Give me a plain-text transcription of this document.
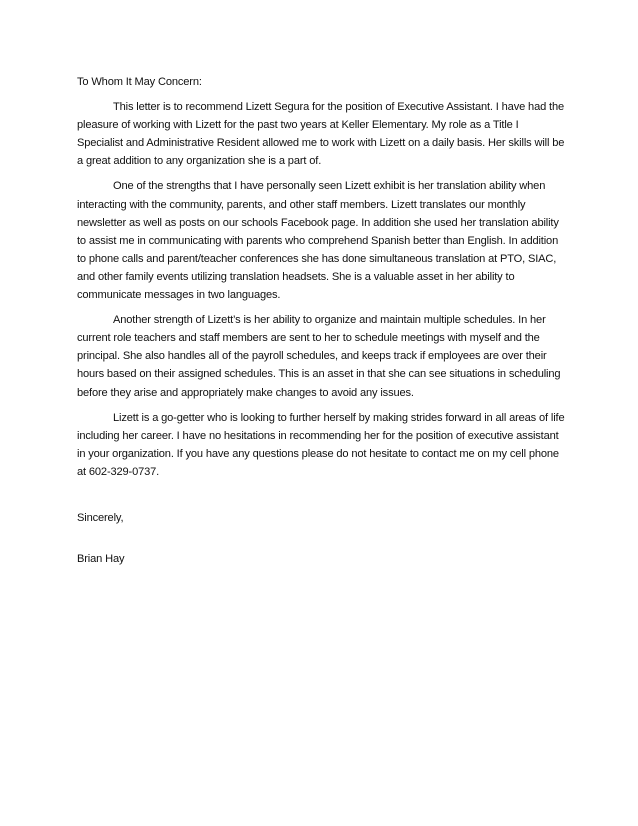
To Whom It May Concern:

This letter is to recommend Lizett Segura for the position of Executive Assistant. I have had the pleasure of working with Lizett for the past two years at Keller Elementary. My role as a Title I Specialist and Administrative Resident allowed me to work with Lizett on a daily basis. Her skills will be a great addition to any organization she is a part of.

One of the strengths that I have personally seen Lizett exhibit is her translation ability when interacting with the community, parents, and other staff members. Lizett translates our monthly newsletter as well as posts on our schools Facebook page. In addition she used her translation ability to assist me in communicating with parents who comprehend Spanish better than English. In addition to phone calls and parent/teacher conferences she has done simultaneous translation at PTO, SIAC, and other family events utilizing translation headsets. She is a valuable asset in her ability to communicate messages in two languages.

Another strength of Lizett’s is her ability to organize and maintain multiple schedules. In her current role teachers and staff members are sent to her to schedule meetings with myself and the principal. She also handles all of the payroll schedules, and keeps track if employees are over their hours based on their assigned schedules. This is an asset in that she can see situations in scheduling before they arise and appropriately make changes to avoid any issues.

Lizett is a go-getter who is looking to further herself by making strides forward in all areas of life including her career. I have no hesitations in recommending her for the position of executive assistant in your organization. If you have any questions please do not hesitate to contact me on my cell phone at 602-329-0737.

Sincerely,

Brian Hay
